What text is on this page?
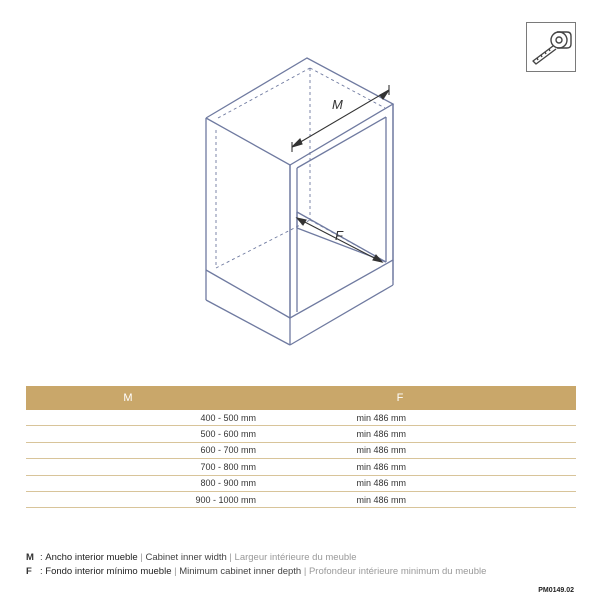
M
F
M	F
400 - 500 mm	min 486 mm
500 - 600 mm	min 486 mm
600 - 700 mm	min 486 mm
700 - 800 mm	min 486 mm
800 - 900 mm	min 486 mm
900 - 1000 mm	min 486 mm
M :
Ancho interior mueble | Cabinet inner width | Largeur intérieure du meuble
F :
Fondo interior mínimo mueble | Minimum cabinet inner depth | Profondeur intérieure minimum du meuble
PM0149.02
